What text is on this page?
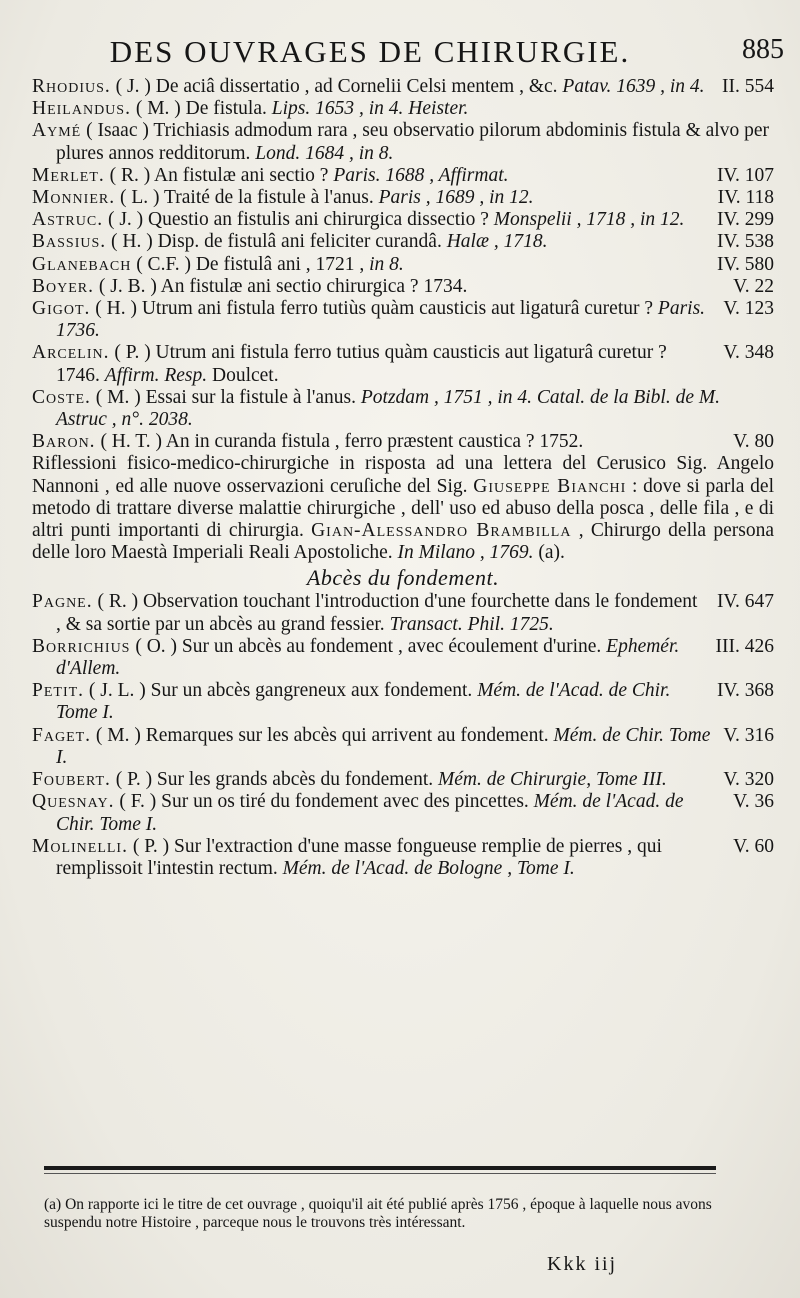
DES OUVRAGES DE CHIRURGIE.	885

II. 554
Rhodius. ( J. ) De aciâ dissertatio , ad Cornelii Celsi mentem , &c. Patav. 1639 , in 4.

Heilandus. ( M. ) De fistula. Lips. 1653 , in 4. Heister.

Aymé ( Isaac ) Trichiasis admodum rara , seu observatio pilorum abdominis fistula & alvo per plures annos redditorum. Lond. 1684 , in 8.

IV. 107
Merlet. ( R. ) An fistulæ ani sectio ? Paris. 1688 , Affirmat.

IV. 118
Monnier. ( L. ) Traité de la fistule à l'anus. Paris , 1689 , in 12.

IV. 299
Astruc. ( J. ) Questio an fistulis ani chirurgica dissectio ? Monspelii , 1718 , in 12.

IV. 538
Bassius. ( H. ) Disp. de fistulâ ani feliciter curandâ. Halæ , 1718.

IV. 580
Glanebach ( C.F. ) De fistulâ ani , 1721 , in 8.

V. 22
Boyer. ( J. B. ) An fistulæ ani sectio chirurgica ? 1734.

V. 123
Gigot. ( H. ) Utrum ani fistula ferro tutiùs quàm causticis aut ligaturâ curetur ? Paris. 1736.

V. 348
Arcelin. ( P. ) Utrum ani fistula ferro tutius quàm causticis aut ligaturâ curetur ? 1746. Affirm. Resp. Doulcet.

Coste. ( M. ) Essai sur la fistule à l'anus. Potzdam , 1751 , in 4. Catal. de la Bibl. de M. Astruc , n°. 2038.

V. 80
Baron. ( H. T. ) An in curanda fistula , ferro præstent caustica ? 1752.

Riflessioni fisico-medico-chirurgiche in risposta ad una lettera del Cerusico Sig. Angelo Nannoni , ed alle nuove osservazioni ceruſiche del Sig. Giuseppe Bianchi : dove si parla del metodo di trattare diverse malattie chirurgiche , dell' uso ed abuso della posca , delle fila , e di altri punti importanti di chirurgia. Gian-Alessandro Brambilla , Chirurgo della persona delle loro Maestà Imperiali Reali Apostoliche. In Milano , 1769. (a).

Abcès du fondement.

IV. 647
Pagne. ( R. ) Observation touchant l'introduction d'une fourchette dans le fondement , & sa sortie par un abcès au grand fessier. Transact. Phil. 1725.

III. 426
Borrichius ( O. ) Sur un abcès au fondement , avec écoulement d'urine. Ephemér. d'Allem.

IV. 368
Petit. ( J. L. ) Sur un abcès gangreneux aux fondement. Mém. de l'Acad. de Chir. Tome I.

V. 316
Faget. ( M. ) Remarques sur les abcès qui arrivent au fondement. Mém. de Chir. Tome I.

V. 320
Foubert. ( P. ) Sur les grands abcès du fondement. Mém. de Chirurgie, Tome III.

V. 36
Quesnay. ( F. ) Sur un os tiré du fondement avec des pincettes. Mém. de l'Acad. de Chir. Tome I.

V. 60
Molinelli. ( P. ) Sur l'extraction d'une masse fongueuse remplie de pierres , qui remplissoit l'intestin rectum. Mém. de l'Acad. de Bologne , Tome I.

(a) On rapporte ici le titre de cet ouvrage , quoiqu'il ait été publié après 1756 , époque à laquelle nous avons suspendu notre Histoire , parceque nous le trouvons très intéressant.
Kkk iij
